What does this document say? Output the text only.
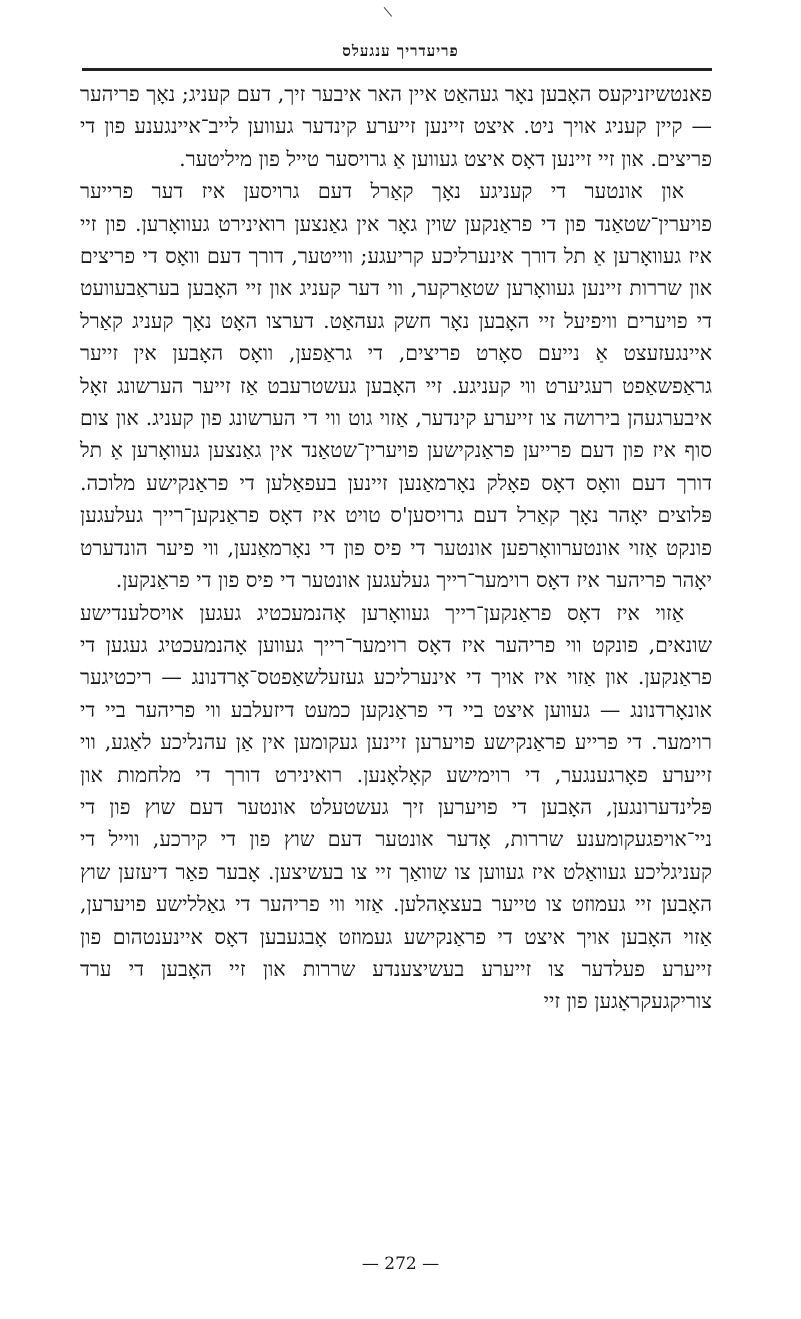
פריעדריך ענגעלס

פאנטשיזניקעס האָבען נאָר געהאַט איין האר איבער זיך, דעם קעניג; נאָך פריהער — קיין קעניג אויך ניט. איצט זיינען זייערע קינדער געווען לייב־איינגענע פון די פריצים. און זיי זיינען דאָס איצט געווען אַ גרויסער טייל פון מיליטער.

און אונטער די קעניגע נאָך קאַרל דעם גרויסען איז דער פרייער פויערין־שטאַנד פון די פראַנקען שוין גאָר אין גאַנצען רואינירט געוואָרען. פון זיי איז געוואָרען אַ תל דורך אינערליכע קריעגע; ווייטער, דורך דעם וואָס די פריצים און שררות זיינען געוואָרען שטאַרקער, ווי דער קעניג און זיי האָבען בעראַבעוועט די פויערים וויפיעל זיי האָבען נאָר חשק געהאַט. דערצו האָט נאָך קעניג קאַרל איינגעזעצט אַ נייעם סאָרט פריצים, די גראַפען, וואָס האָבען אין זייער גראַפשאַפט רעגיערט ווי קעניגע. זיי האָבען געשטרעבט אַז זייער הערשונג זאָל איבערגעהן בירושה צו זייערע קינדער, אַזוי גוט ווי די הערשונג פון קעניג. און צום סוף איז פון דעם פרייען פראַנקישען פויערין־שטאַנד אין גאַנצען געוואָרען אַ תל דורך דעם וואָס דאָס פאָלק נאָרמאַנען זיינען בעפאַלען די פראַנקישע מלוכה. פּלוצים יאָהר נאָך קאַרל דעם גרויסען'ס טויט איז דאָס פראַנקען־רייך געלעגען פונקט אַזוי אונטערוואָרפען אונטער די פיס פון די נאָרמאַנען, ווי פיער הונדערט יאָהר פריהער איז דאָס רוימער־רייך געלעגען אונטער די פיס פון די פראַנקען.

אַזוי איז דאָס פראַנקען־רייך געוואָרען אָהנמעכטיג געגען אויסלענדישע שונאים, פונקט ווי פריהער איז דאָס רוימער־רייך געווען אָהנמעכטיג געגען די פראַנקען. און אַזוי איז אויך די אינערליכע געזעלשאַפטס־אָרדנונג — ריכטיגער אונאָרדנונג — געווען איצט ביי די פראַנקען כמעט דיזעלבע ווי פריהער ביי די רוימער. די פרייע פראַנקישע פויערען זיינען געקומען אין אַן עהנליכע לאַגע, ווי זייערע פאָרגענגער, די רוימישע קאָלאָנען. רואינירט דורך די מלחמות און פּלינדערונגען, האָבען די פויערען זיך געשטעלט אונטער דעם שוץ פון די ניי־אויפגעקומענע שררות, אָדער אונטער דעם שוץ פון די קירכע, ווייל די קעניגליכע געוואַלט איז געווען צו שוואַך זיי צו בעשיצען. אָבער פאַר דיעזען שוץ האָבען זיי געמוזט צו טייער בעצאָהלען. אַזוי ווי פריהער די גאַללישע פויערען, אַזוי האָבען אויך איצט די פראַנקישע געמוזט אָבגעבען דאָס איינענטהום פון זייערע פעלדער צו זייערע בעשיצענדע שררות און זיי האָבען די ערד צוריקגעקראָגען פון זיי

— 272 —
